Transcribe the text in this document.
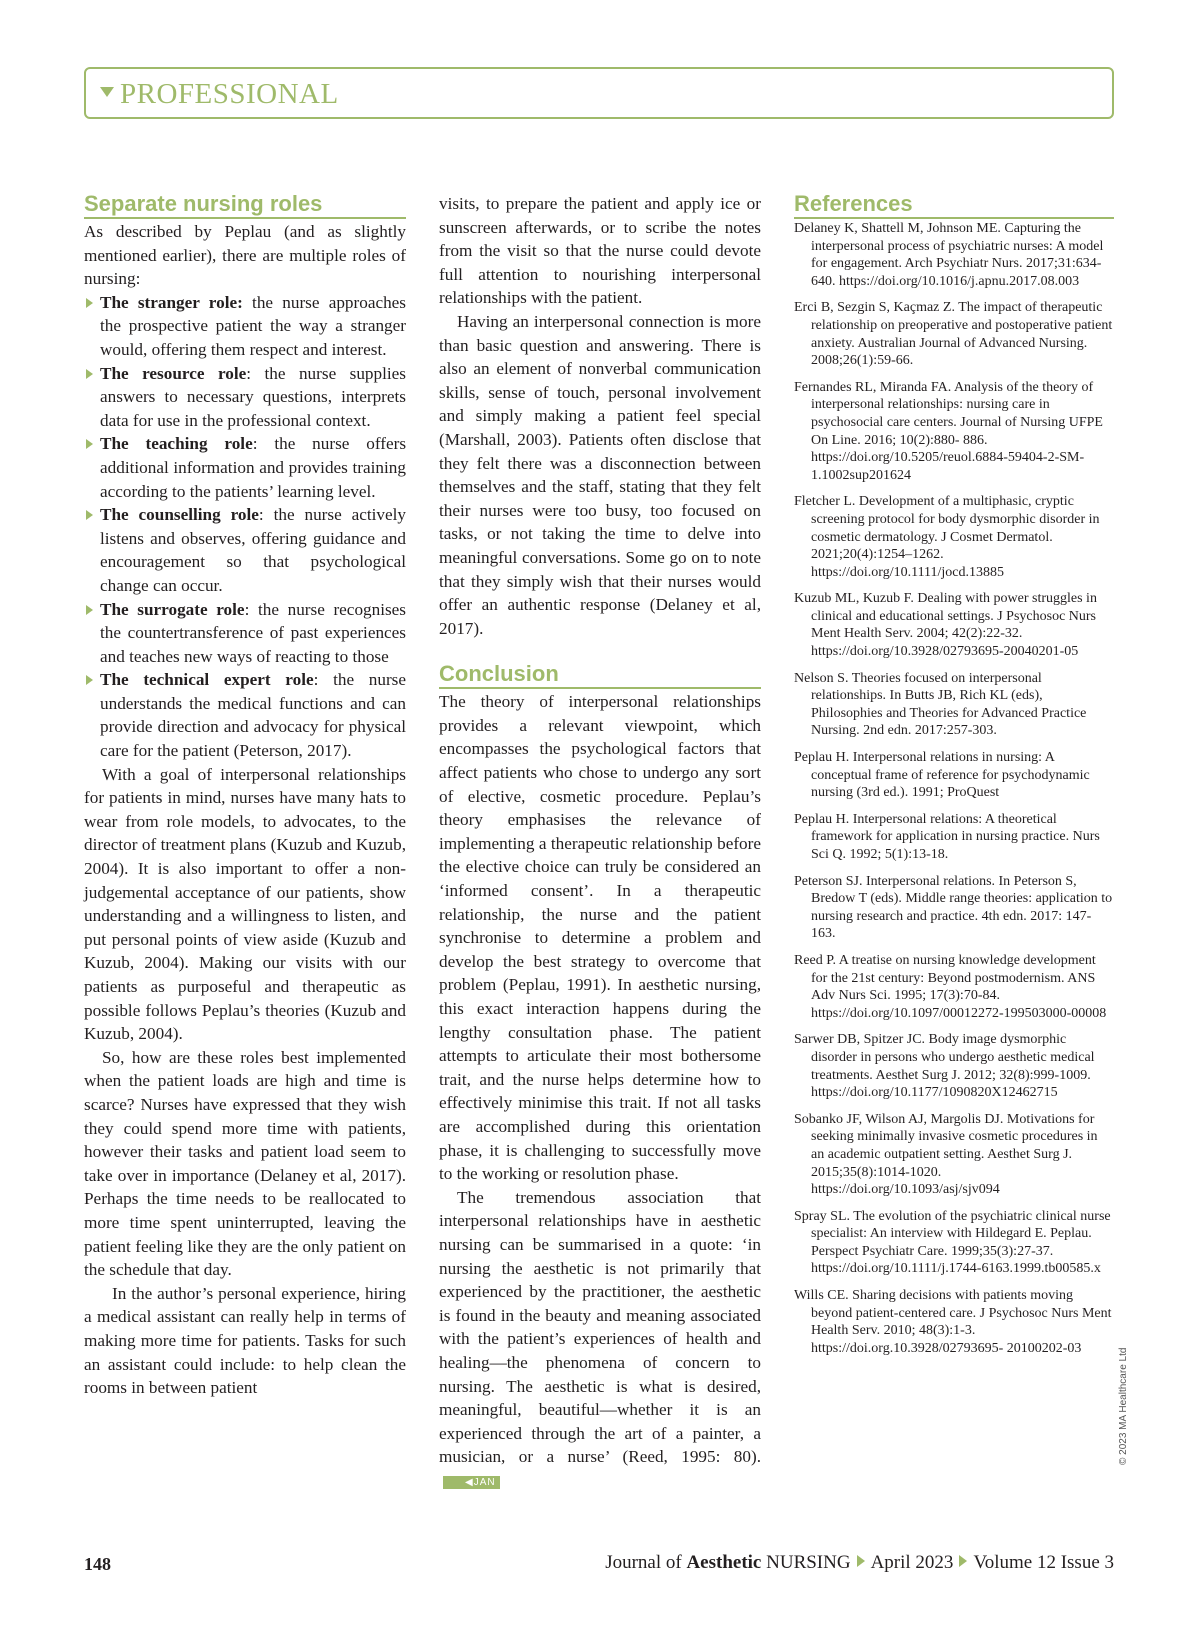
PROFESSIONAL
Separate nursing roles

As described by Peplau (and as slightly mentioned earlier), there are multiple roles of nursing:

The stranger role: the nurse approaches the prospective patient the way a stranger would, offering them respect and interest.
The resource role: the nurse supplies answers to necessary questions, interprets data for use in the professional context.
The teaching role: the nurse offers additional information and provides training according to the patients’ learning level.
The counselling role: the nurse actively listens and observes, offering guidance and encouragement so that psychological change can occur.
The surrogate role: the nurse recognises the countertransference of past experiences and teaches new ways of reacting to those
The technical expert role: the nurse understands the medical functions and can provide direction and advocacy for physical care for the patient (Peterson, 2017).

With a goal of interpersonal relationships for patients in mind, nurses have many hats to wear from role models, to advocates, to the director of treatment plans (Kuzub and Kuzub, 2004). It is also important to offer a non-judgemental acceptance of our patients, show understanding and a willingness to listen, and put personal points of view aside (Kuzub and Kuzub, 2004). Making our visits with our patients as purposeful and therapeutic as possible follows Peplau’s theories (Kuzub and Kuzub, 2004).

So, how are these roles best implemented when the patient loads are high and time is scarce? Nurses have expressed that they wish they could spend more time with patients, however their tasks and patient load seem to take over in importance (Delaney et al, 2017). Perhaps the time needs to be reallocated to more time spent uninterrupted, leaving the patient feeling like they are the only patient on the schedule that day.

In the author’s personal experience, hiring a medical assistant can really help in terms of making more time for patients. Tasks for such an assistant could include: to help clean the rooms in between patient

visits, to prepare the patient and apply ice or sunscreen afterwards, or to scribe the notes from the visit so that the nurse could devote full attention to nourishing interpersonal relationships with the patient.

Having an interpersonal connection is more than basic question and answering. There is also an element of nonverbal communication skills, sense of touch, personal involvement and simply making a patient feel special (Marshall, 2003). Patients often disclose that they felt there was a disconnection between themselves and the staff, stating that they felt their nurses were too busy, too focused on tasks, or not taking the time to delve into meaningful conversations. Some go on to note that they simply wish that their nurses would offer an authentic response (Delaney et al, 2017).

Conclusion

The theory of interpersonal relationships provides a relevant viewpoint, which encompasses the psychological factors that affect patients who chose to undergo any sort of elective, cosmetic procedure. Peplau’s theory emphasises the relevance of implementing a therapeutic relationship before the elective choice can truly be considered an ‘informed consent’. In a therapeutic relationship, the nurse and the patient synchronise to determine a problem and develop the best strategy to overcome that problem (Peplau, 1991). In aesthetic nursing, this exact interaction happens during the lengthy consultation phase. The patient attempts to articulate their most bothersome trait, and the nurse helps determine how to effectively minimise this trait. If not all tasks are accomplished during this orientation phase, it is challenging to successfully move to the working or resolution phase.

The tremendous association that interpersonal relationships have in aesthetic nursing can be summarised in a quote: ‘in nursing the aesthetic is not primarily that experienced by the practitioner, the aesthetic is found in the beauty and meaning associated with the patient’s experiences of health and healing—the phenomena of concern to nursing. The aesthetic is what is desired, meaningful, beautiful—whether it is an experienced through the art of a painter, a musician, or a nurse’ (Reed, 1995: 80).◀JAN

References
Delaney K, Shattell M, Johnson ME. Capturing the interpersonal process of psychiatric nurses: A model for engagement. Arch Psychiatr Nurs. 2017;31:634-640. https://doi.org/10.1016/j.apnu.2017.08.003
Erci B, Sezgin S, Kaçmaz Z. The impact of therapeutic relationship on preoperative and postoperative patient anxiety. Australian Journal of Advanced Nursing. 2008;26(1):59-66.
Fernandes RL, Miranda FA. Analysis of the theory of interpersonal relationships: nursing care in psychosocial care centers. Journal of Nursing UFPE On Line. 2016; 10(2):880- 886. https://doi.org/10.5205/reuol.6884-59404-2-SM-1.1002sup201624
Fletcher L. Development of a multiphasic, cryptic screening protocol for body dysmorphic disorder in cosmetic dermatology. J Cosmet Dermatol. 2021;20(4):1254–1262. https://doi.org/10.1111/jocd.13885
Kuzub ML, Kuzub F. Dealing with power struggles in clinical and educational settings. J Psychosoc Nurs Ment Health Serv. 2004; 42(2):22-32. https://doi.org/10.3928/02793695-20040201-05
Nelson S. Theories focused on interpersonal relationships. In Butts JB, Rich KL (eds), Philosophies and Theories for Advanced Practice Nursing. 2nd edn. 2017:257-303.
Peplau H. Interpersonal relations in nursing: A conceptual frame of reference for psychodynamic nursing (3rd ed.). 1991; ProQuest
Peplau H. Interpersonal relations: A theoretical framework for application in nursing practice. Nurs Sci Q. 1992; 5(1):13-18.
Peterson SJ. Interpersonal relations. In Peterson S, Bredow T (eds). Middle range theories: application to nursing research and practice. 4th edn. 2017: 147-163.
Reed P. A treatise on nursing knowledge development for the 21st century: Beyond postmodernism. ANS Adv Nurs Sci. 1995; 17(3):70-84. https://doi.org/10.1097/00012272-199503000-00008
Sarwer DB, Spitzer JC. Body image dysmorphic disorder in persons who undergo aesthetic medical treatments. Aesthet Surg J. 2012; 32(8):999-1009. https://doi.org/10.1177/1090820X12462715
Sobanko JF, Wilson AJ, Margolis DJ. Motivations for seeking minimally invasive cosmetic procedures in an academic outpatient setting. Aesthet Surg J. 2015;35(8):1014-1020. https://doi.org/10.1093/asj/sjv094
Spray SL. The evolution of the psychiatric clinical nurse specialist: An interview with Hildegard E. Peplau. Perspect Psychiatr Care. 1999;35(3):27-37. https://doi.org/10.1111/j.1744-6163.1999.tb00585.x
Wills CE. Sharing decisions with patients moving beyond patient-centered care. J Psychosoc Nurs Ment Health Serv. 2010; 48(3):1-3. https://doi.org.10.3928/02793695- 20100202-03	© 2023 MA Healthcare Ltd
148	Journal of Aesthetic NURSING April 2023 Volume 12 Issue 3
